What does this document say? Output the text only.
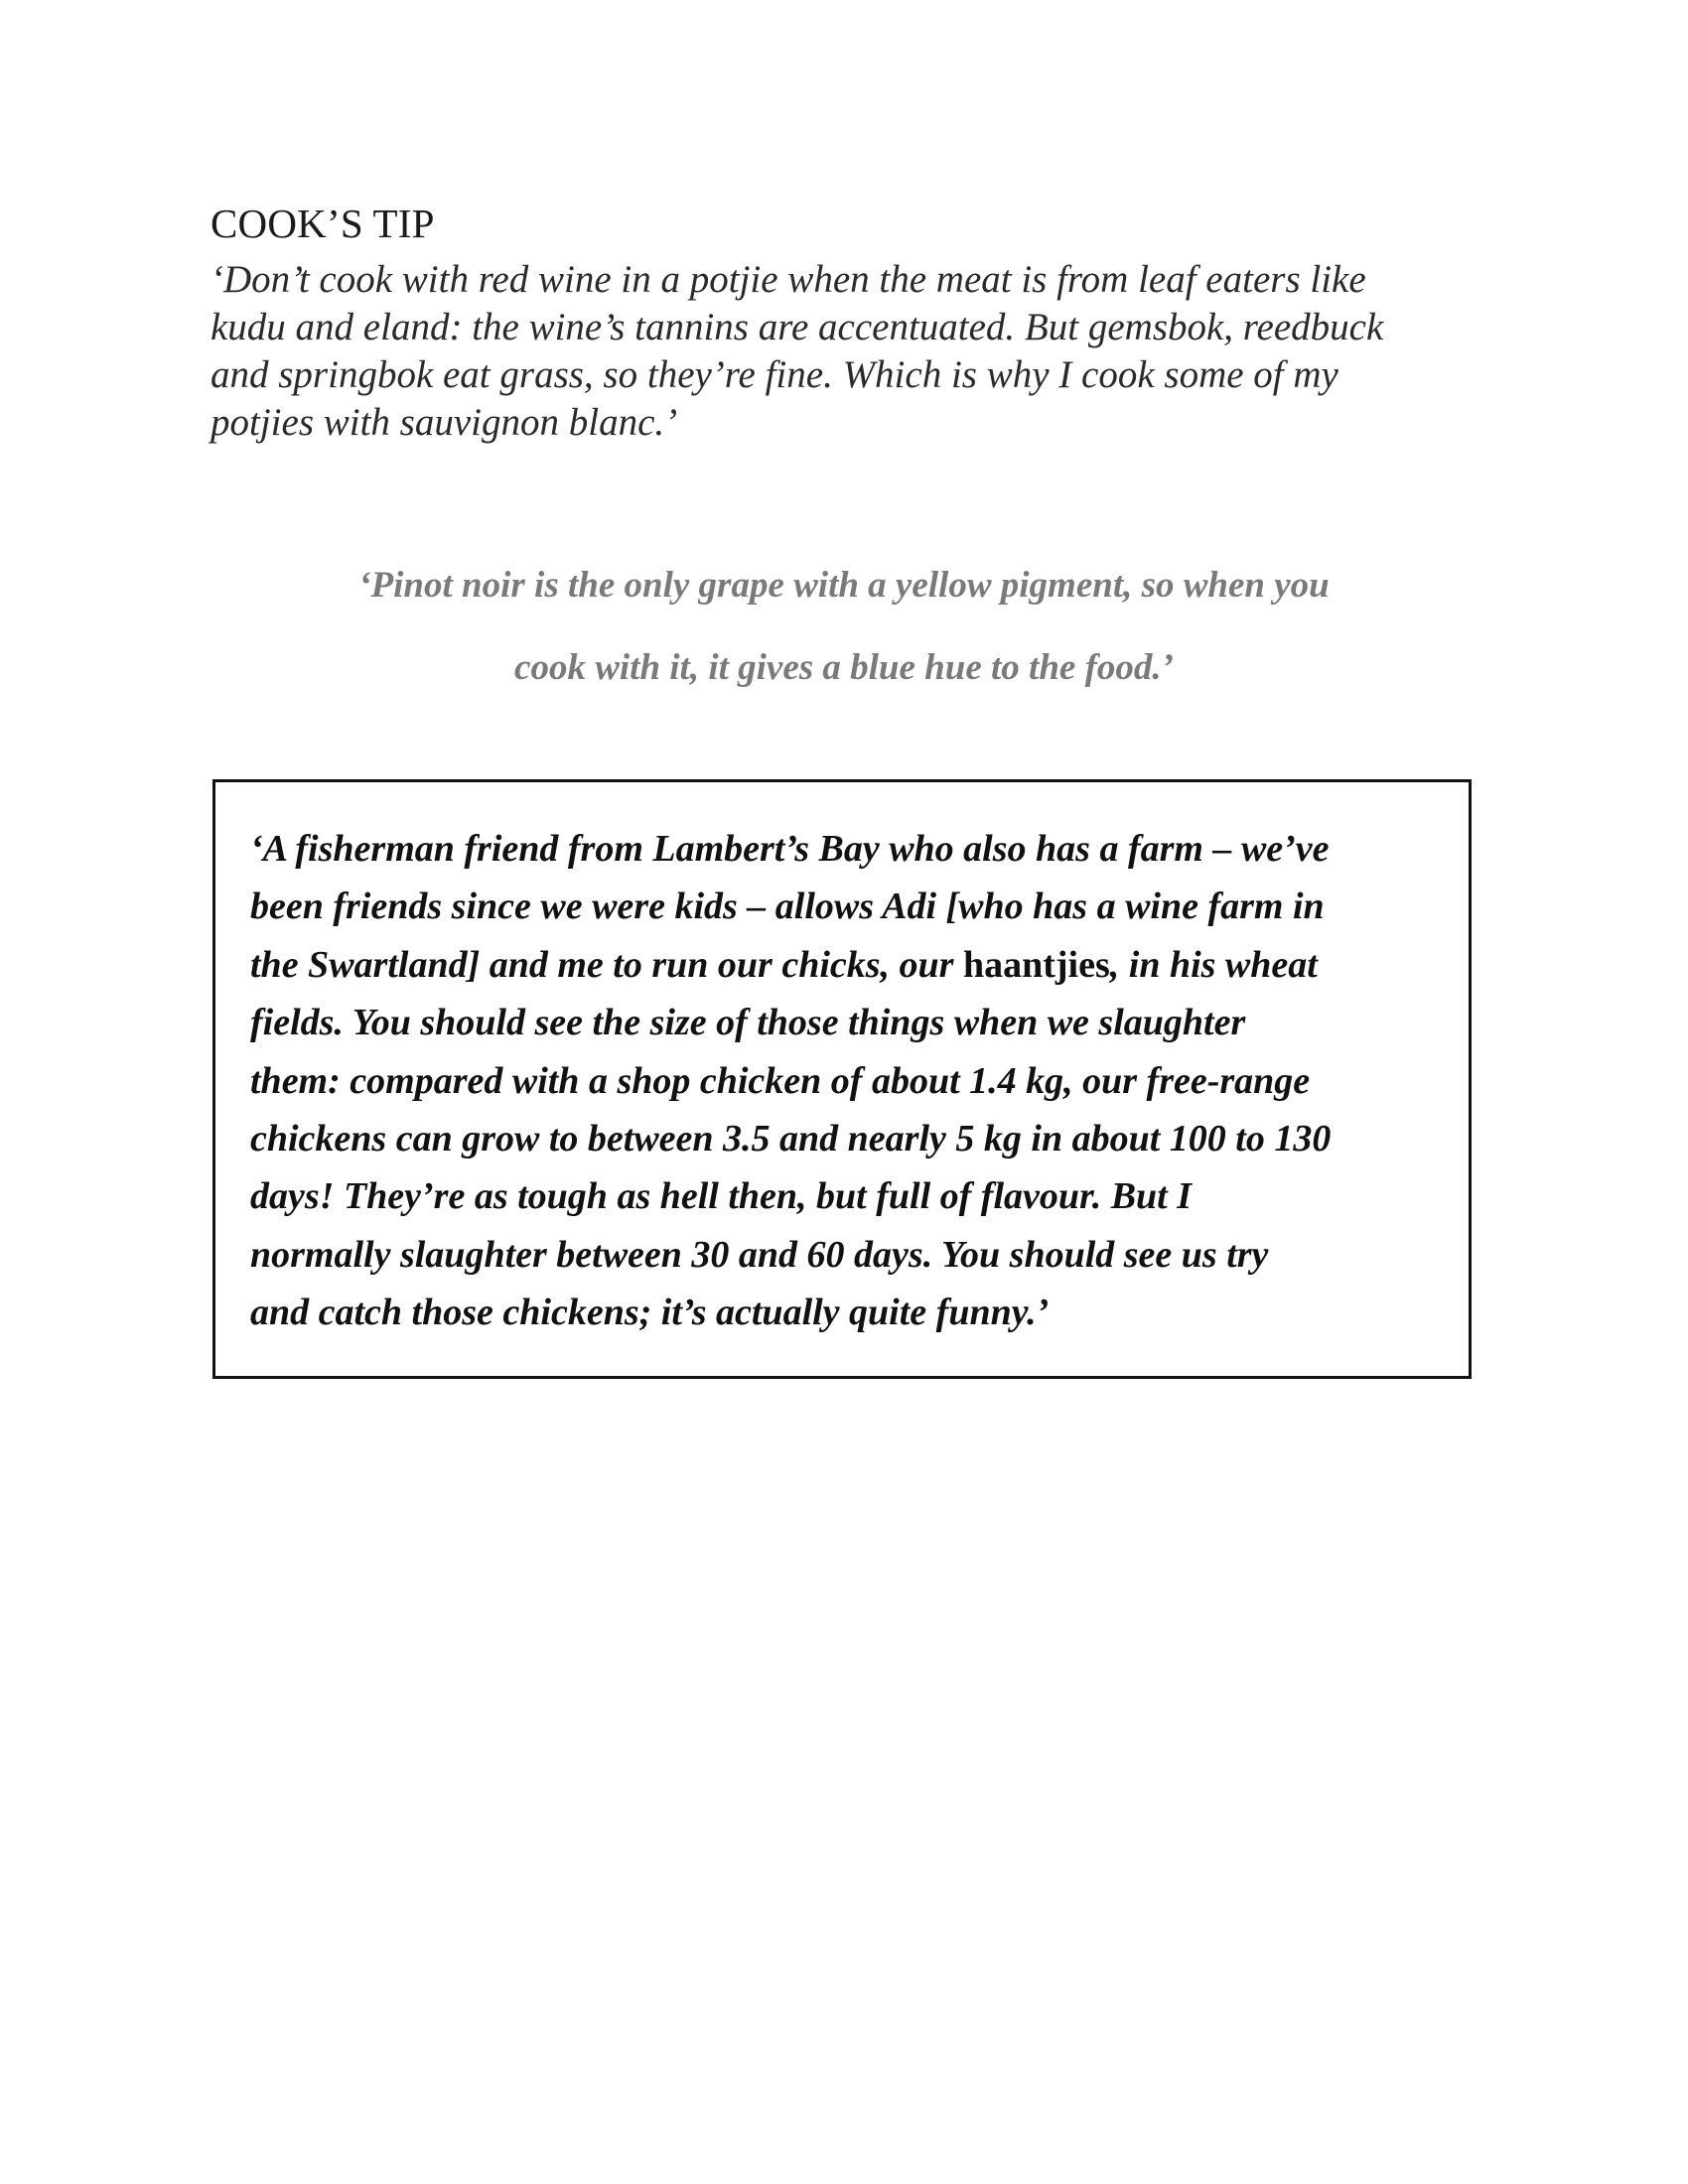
COOK’S TIP
‘Don’t cook with red wine in a potjie when the meat is from leaf eaters like
kudu and eland: the wine’s tannins are accentuated. But gemsbok, reedbuck
and springbok eat grass, so they’re fine. Which is why I cook some of my
potjies with sauvignon blanc.’
‘Pinot noir is the only grape with a yellow pigment, so when you
cook with it, it gives a blue hue to the food.’
‘A fisherman friend from Lambert’s Bay who also has a farm – we’ve
been friends since we were kids – allows Adi [who has a wine farm in
the Swartland] and me to run our chicks, our haantjies, in his wheat
fields. You should see the size of those things when we slaughter
them: compared with a shop chicken of about 1.4 kg, our free-range
chickens can grow to between 3.5 and nearly 5 kg in about 100 to 130
days! They’re as tough as hell then, but full of flavour. But I
normally slaughter between 30 and 60 days. You should see us try
and catch those chickens; it’s actually quite funny.’
